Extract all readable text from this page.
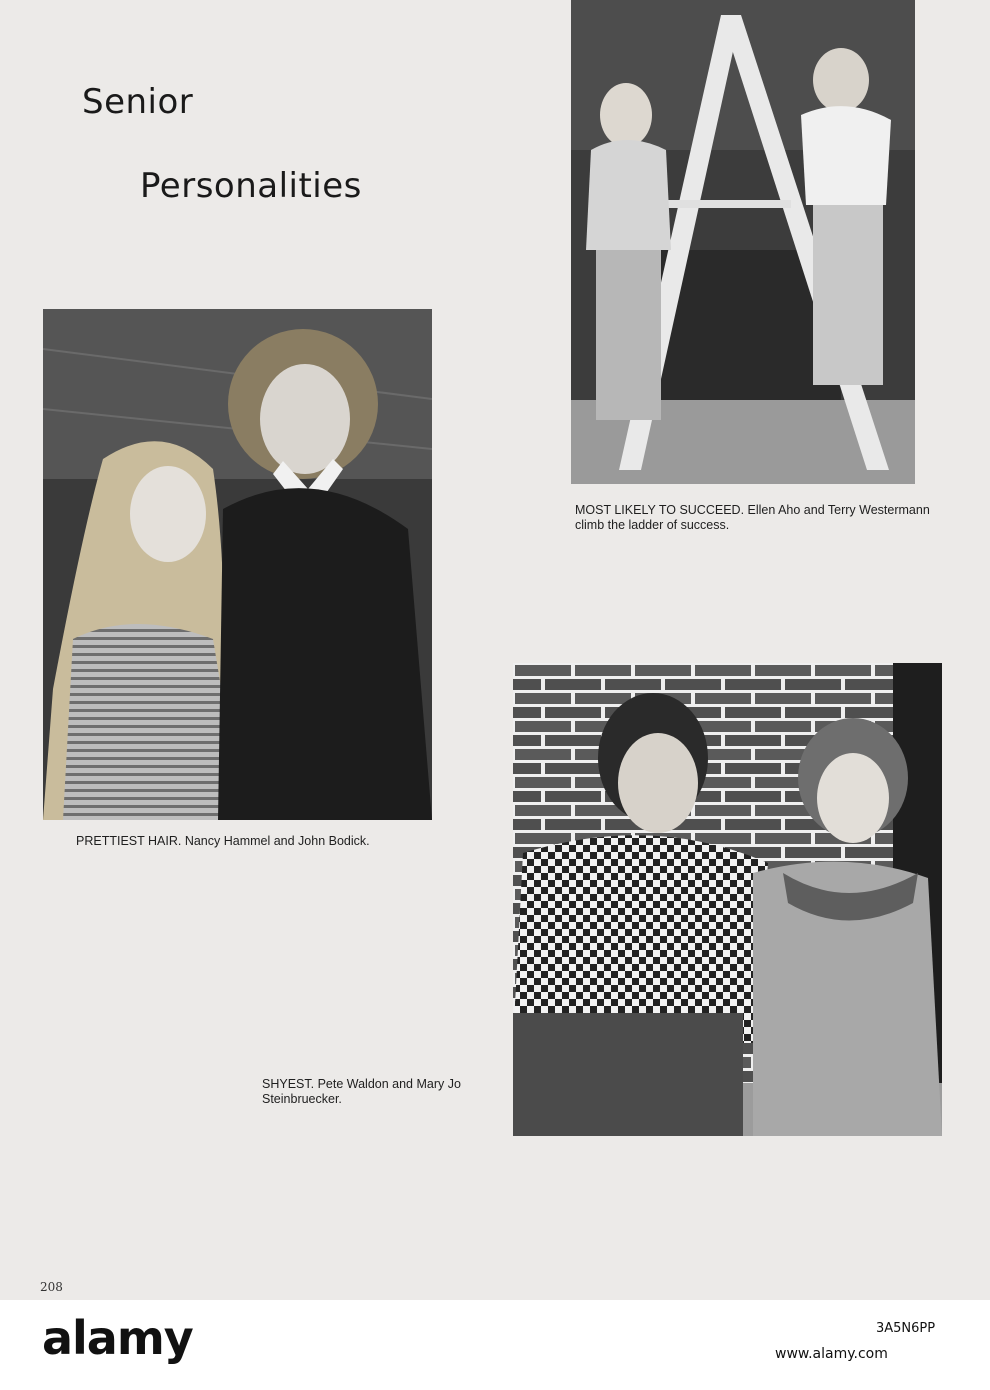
Senior
Personalities

PRETTIEST HAIR. Nancy Hammel and John Bodick.

MOST LIKELY TO SUCCEED. Ellen Aho and Terry Westermann climb the ladder of success.

SHYEST. Pete Waldon and Mary Jo Steinbruecker.

208
alamy	3A5N6PP
www.alamy.com
